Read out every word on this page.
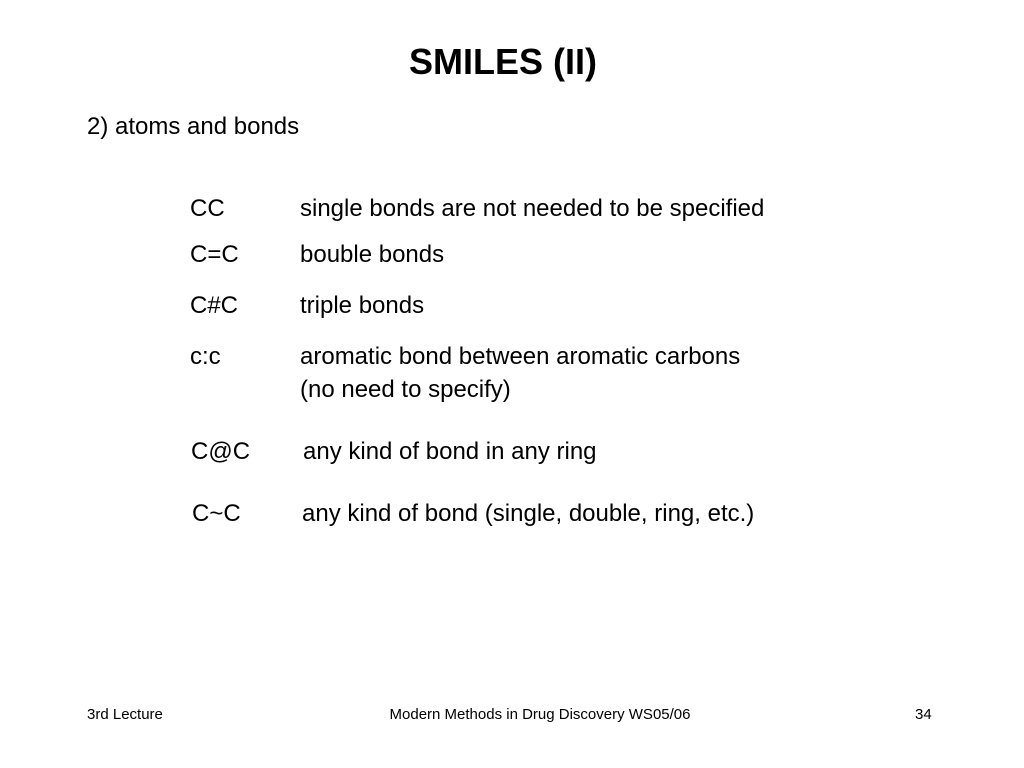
SMILES (II)
2) atoms and bonds
CC	single bonds are not needed to be specified
C=C	bouble bonds
C#C	triple bonds
c:c	aromatic bond between aromatic carbons
(no need to specify)
C@C any kind of bond in any ring
C~C	any kind of bond (single, double, ring, etc.)
3rd Lecture	Modern Methods in Drug Discovery WS05/06	34
